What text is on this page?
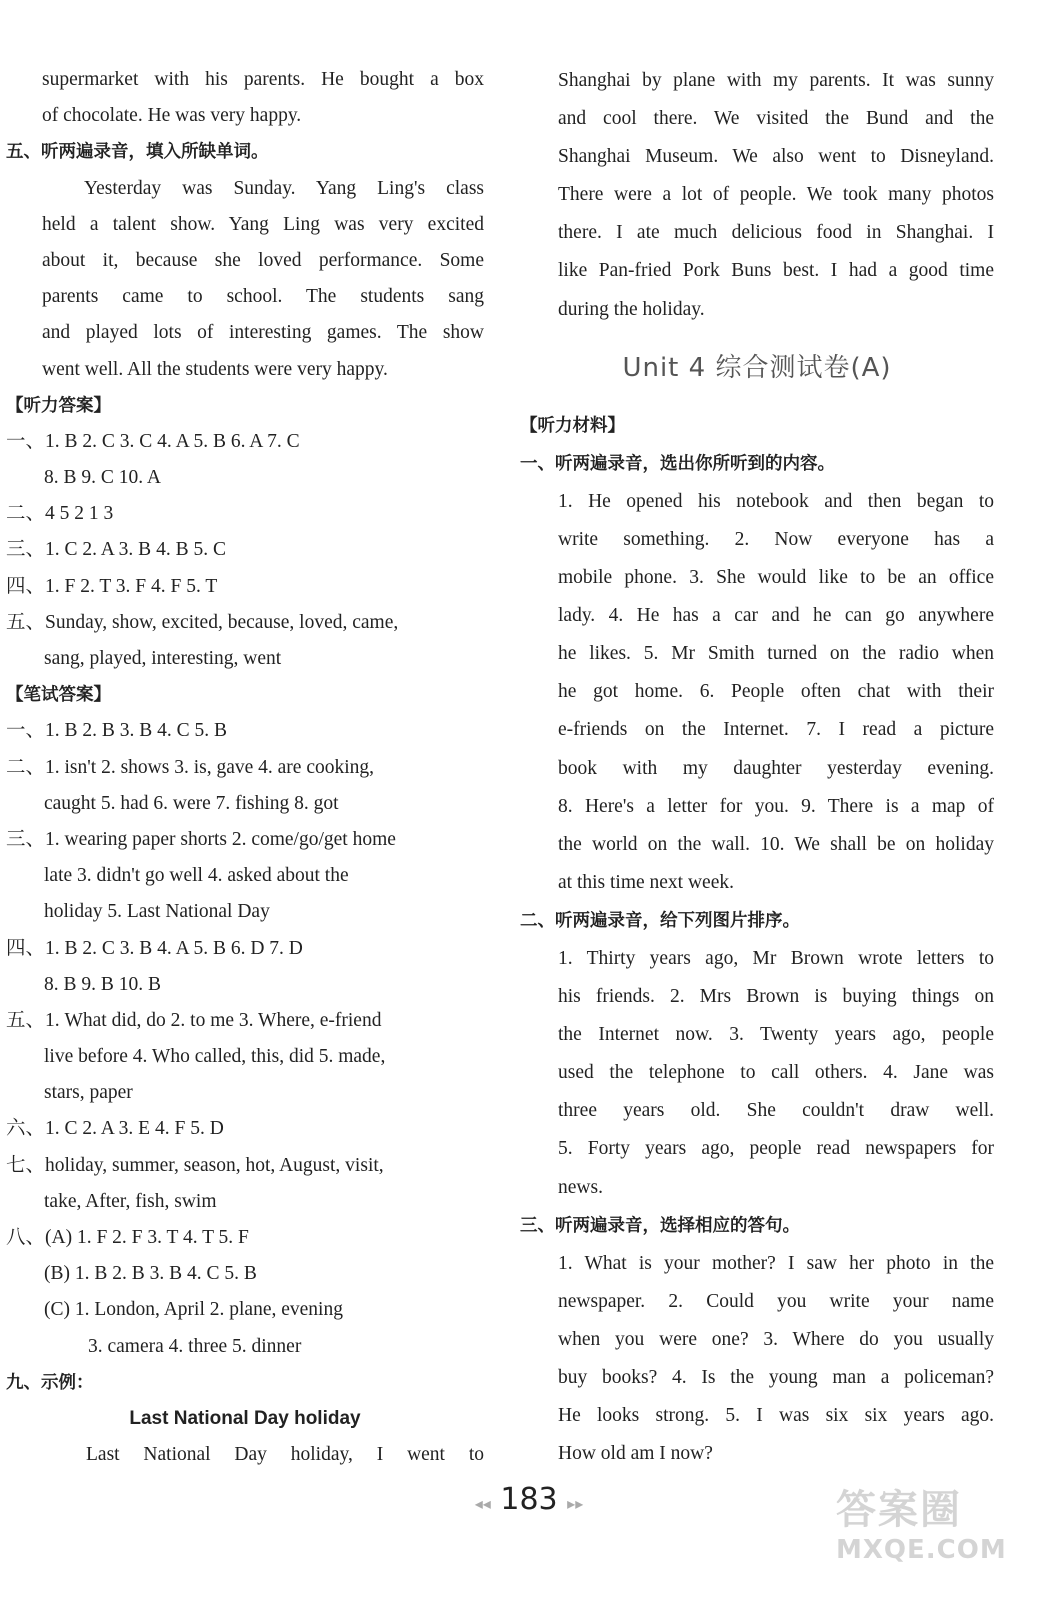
supermarket with his parents. He bought a box
of chocolate. He was very happy.
五、听两遍录音，填入所缺单词。
Yesterday was Sunday. Yang Ling's class
held a talent show. Yang Ling was very excited
about it, because she loved performance. Some
parents came to school. The students sang
and played lots of interesting games. The show
went well. All the students were very happy.
【听力答案】
一、1. B 2. C 3. C 4. A 5. B 6. A 7. C
8. B 9. C 10. A
二、4 5 2 1 3
三、1. C 2. A 3. B 4. B 5. C
四、1. F 2. T 3. F 4. F 5. T
五、Sunday, show, excited, because, loved, came,
sang, played, interesting, went
【笔试答案】
一、1. B 2. B 3. B 4. C 5. B
二、1. isn't 2. shows 3. is, gave 4. are cooking,
caught 5. had 6. were 7. fishing 8. got
三、1. wearing paper shorts 2. come/go/get home
late 3. didn't go well 4. asked about the
holiday 5. Last National Day
四、1. B 2. C 3. B 4. A 5. B 6. D 7. D
8. B 9. B 10. B
五、1. What did, do 2. to me 3. Where, e-friend
live before 4. Who called, this, did 5. made,
stars, paper
六、1. C 2. A 3. E 4. F 5. D
七、holiday, summer, season, hot, August, visit,
take, After, fish, swim
八、(A) 1. F 2. F 3. T 4. T 5. F
(B) 1. B 2. B 3. B 4. C 5. B
(C) 1. London, April 2. plane, evening
3. camera 4. three 5. dinner
九、示例：
Last National Day holiday
Last National Day holiday, I went to
Shanghai by plane with my parents. It was sunny
and cool there. We visited the Bund and the
Shanghai Museum. We also went to Disneyland.
There were a lot of people. We took many photos
there. I ate much delicious food in Shanghai. I
like Pan-fried Pork Buns best. I had a good time
during the holiday.
Unit 4 综合测试卷(A)
【听力材料】
一、听两遍录音，选出你所听到的内容。
1. He opened his notebook and then began to
write something. 2. Now everyone has a
mobile phone. 3. She would like to be an office
lady. 4. He has a car and he can go anywhere
he likes. 5. Mr Smith turned on the radio when
he got home. 6. People often chat with their
e-friends on the Internet. 7. I read a picture
book with my daughter yesterday evening.
8. Here's a letter for you. 9. There is a map of
the world on the wall. 10. We shall be on holiday
at this time next week.
二、听两遍录音，给下列图片排序。
1. Thirty years ago, Mr Brown wrote letters to
his friends. 2. Mrs Brown is buying things on
the Internet now. 3. Twenty years ago, people
used the telephone to call others. 4. Jane was
three years old. She couldn't draw well.
5. Forty years ago, people read newspapers for
news.
三、听两遍录音，选择相应的答句。
1. What is your mother? I saw her photo in the
newspaper. 2. Could you write your name
when you were one? 3. Where do you usually
buy books? 4. Is the young man a policeman?
He looks strong. 5. I was six six years ago.
How old am I now?
◂◂ 183 ▸▸	答案圈
MXQE.COM
